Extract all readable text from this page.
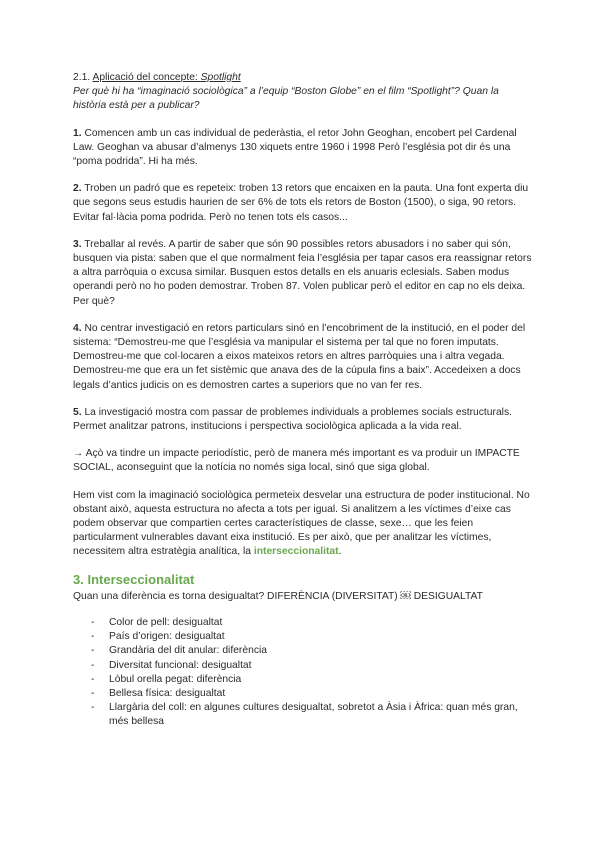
2.1. Aplicació del concepte: Spotlight

Per què hi ha “imaginació sociològica” a l’equip “Boston Globe” en el film “Spotlight”? Quan la història està per a publicar?

1. Comencen amb un cas individual de pederàstia, el retor John Geoghan, encobert pel Cardenal Law. Geoghan va abusar d’almenys 130 xiquets entre 1960 i 1998 Però l’església pot dir és una “poma podrida”. Hi ha més.

2. Troben un padró que es repeteix: troben 13 retors que encaixen en la pauta. Una font experta diu que segons seus estudis haurien de ser 6% de tots els retors de Boston (1500), o siga, 90 retors. Evitar fal·làcia poma podrida. Però no tenen tots els casos...

3. Treballar al revés. A partir de saber que són 90 possibles retors abusadors i no saber qui són, busquen via pista: saben que el que normalment feia l’església per tapar casos era reassignar retors a altra parròquia o excusa similar. Busquen estos detalls en els anuaris eclesials. Saben modus operandi però no ho poden demostrar. Troben 87. Volen publicar però el editor en cap no els deixa. Per què?

4. No centrar investigació en retors particulars sinó en l’encobriment de la institució, en el poder del sistema: “Demostreu-me que l’església va manipular el sistema per tal que no foren imputats. Demostreu-me que col·locaren a eixos mateixos retors en altres parròquies una i altra vegada. Demostreu-me que era un fet sistèmic que anava des de la cúpula fins a baix”. Accedeixen a docs legals d’antics judicis on es demostren cartes a superiors que no van fer res.

5. La investigació mostra com passar de problemes individuals a problemes socials estructurals. Permet analitzar patrons, institucions i perspectiva sociològica aplicada a la vida real.

→ Açò va tindre un impacte periodístic, però de manera més important es va produir un IMPACTE SOCIAL, aconseguint que la notícia no només siga local, sinó que siga global.

Hem vist com la imaginació sociològica permeteix desvelar una estructura de poder institucional. No obstant això, aquesta estructura no afecta a tots per igual. Si analitzem a les víctimes d’eixe cas podem observar que compartien certes característiques de classe, sexe… que les feien particularment vulnerables davant eixa institució. Es per això, que per analitzar les víctimes, necessitem altra estratègia analítica, la interseccionalitat.

3. Interseccionalitat

Quan una diferència es torna desigualtat? DIFERÈNCIA (DIVERSITAT) ￼ DESIGUALTAT

- Color de pell: desigualtat
- País d’origen: desigualtat
- Grandària del dit anular: diferència
- Diversitat funcional: desigualtat
- Lòbul orella pegat: diferència
- Bellesa física: desigualtat
- Llargària del coll: en algunes cultures desigualtat, sobretot a Àsia i Àfrica: quan més gran, més bellesa
